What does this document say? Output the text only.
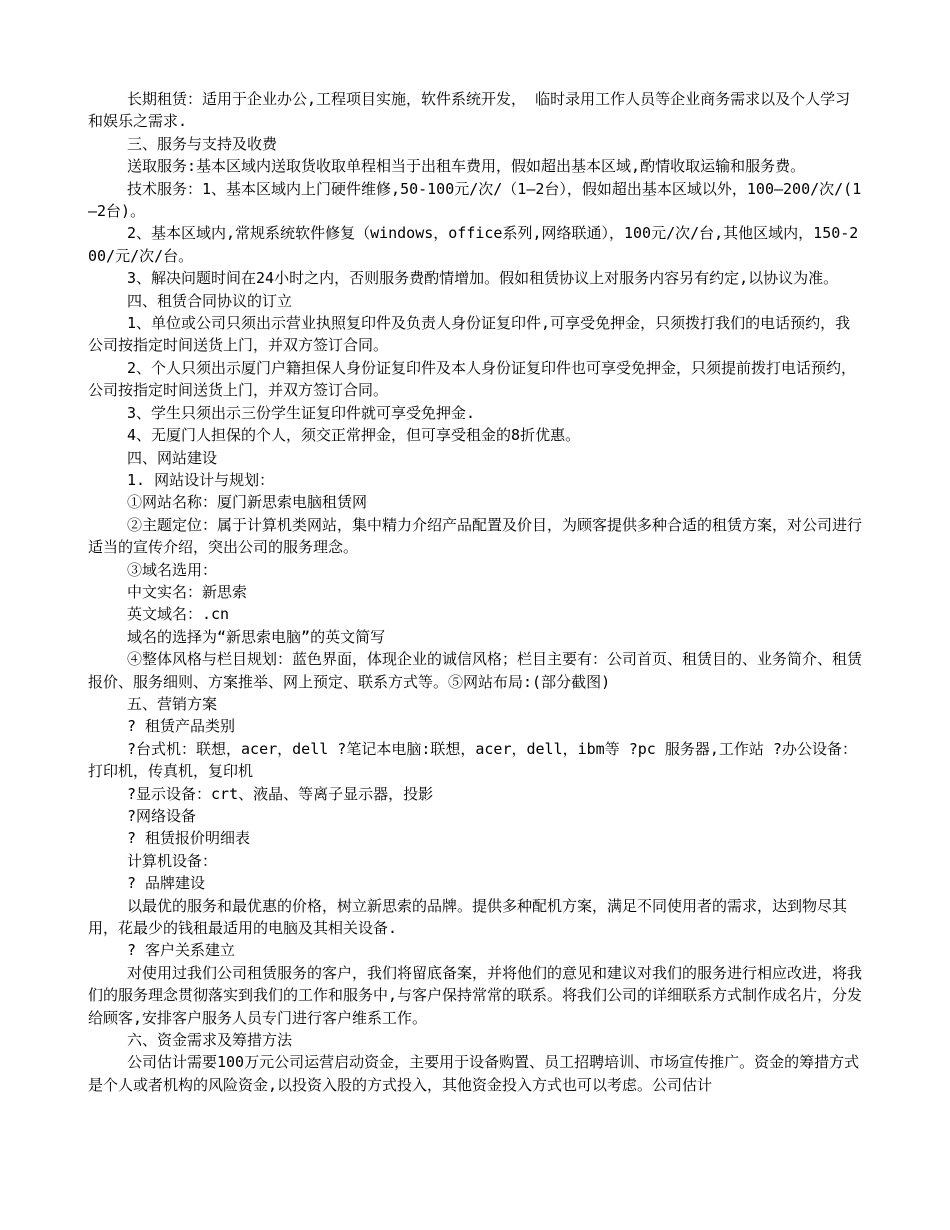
长期租赁：适用于企业办公,工程项目实施，软件系统开发， 临时录用工作人员等企业商务需求以及个人学习和娱乐之需求.

三、服务与支持及收费

送取服务:基本区域内送取货收取单程相当于出租车费用，假如超出基本区域,酌情收取运输和服务费。

技术服务：1、基本区域内上门硬件维修,50-100元/次/（1—2台），假如超出基本区域以外，100—200/次/(1—2台)。

2、基本区域内,常规系统软件修复（windows，office系列,网络联通），100元/次/台,其他区域内，150-200/元/次/台。

3、解决问题时间在24小时之内，否则服务费酌情增加。假如租赁协议上对服务内容另有约定,以协议为准。

四、租赁合同协议的订立

1、单位或公司只须出示营业执照复印件及负责人身份证复印件,可享受免押金，只须拨打我们的电话预约，我公司按指定时间送货上门，并双方签订合同。

2、个人只须出示厦门户籍担保人身份证复印件及本人身份证复印件也可享受免押金，只须提前拨打电话预约，公司按指定时间送货上门，并双方签订合同。

3、学生只须出示三份学生证复印件就可享受免押金.

4、无厦门人担保的个人，须交正常押金，但可享受租金的8折优惠。

四、网站建设

1. 网站设计与规划：

①网站名称：厦门新思索电脑租赁网

②主题定位：属于计算机类网站，集中精力介绍产品配置及价目，为顾客提供多种合适的租赁方案，对公司进行适当的宣传介绍，突出公司的服务理念。

③域名选用：

中文实名：新思索

英文域名：.cn

域名的选择为“新思索电脑”的英文简写

④整体风格与栏目规划：蓝色界面，体现企业的诚信风格；栏目主要有：公司首页、租赁目的、业务简介、租赁报价、服务细则、方案推举、网上预定、联系方式等。⑤网站布局:(部分截图)

五、营销方案

? 租赁产品类别

?台式机：联想，acer，dell ?笔记本电脑:联想，acer，dell，ibm等 ?pc 服务器,工作站 ?办公设备：打印机，传真机，复印机

?显示设备：crt、液晶、等离子显示器，投影

?网络设备

? 租赁报价明细表

计算机设备：

? 品牌建设

以最优的服务和最优惠的价格，树立新思索的品牌。提供多种配机方案，满足不同使用者的需求，达到物尽其用，花最少的钱租最适用的电脑及其相关设备.

? 客户关系建立

对使用过我们公司租赁服务的客户，我们将留底备案，并将他们的意见和建议对我们的服务进行相应改进，将我们的服务理念贯彻落实到我们的工作和服务中,与客户保持常常的联系。将我们公司的详细联系方式制作成名片，分发给顾客,安排客户服务人员专门进行客户维系工作。

六、资金需求及筹措方法

公司估计需要100万元公司运营启动资金，主要用于设备购置、员工招聘培训、市场宣传推广。资金的筹措方式是个人或者机构的风险资金,以投资入股的方式投入，其他资金投入方式也可以考虑。公司估计
